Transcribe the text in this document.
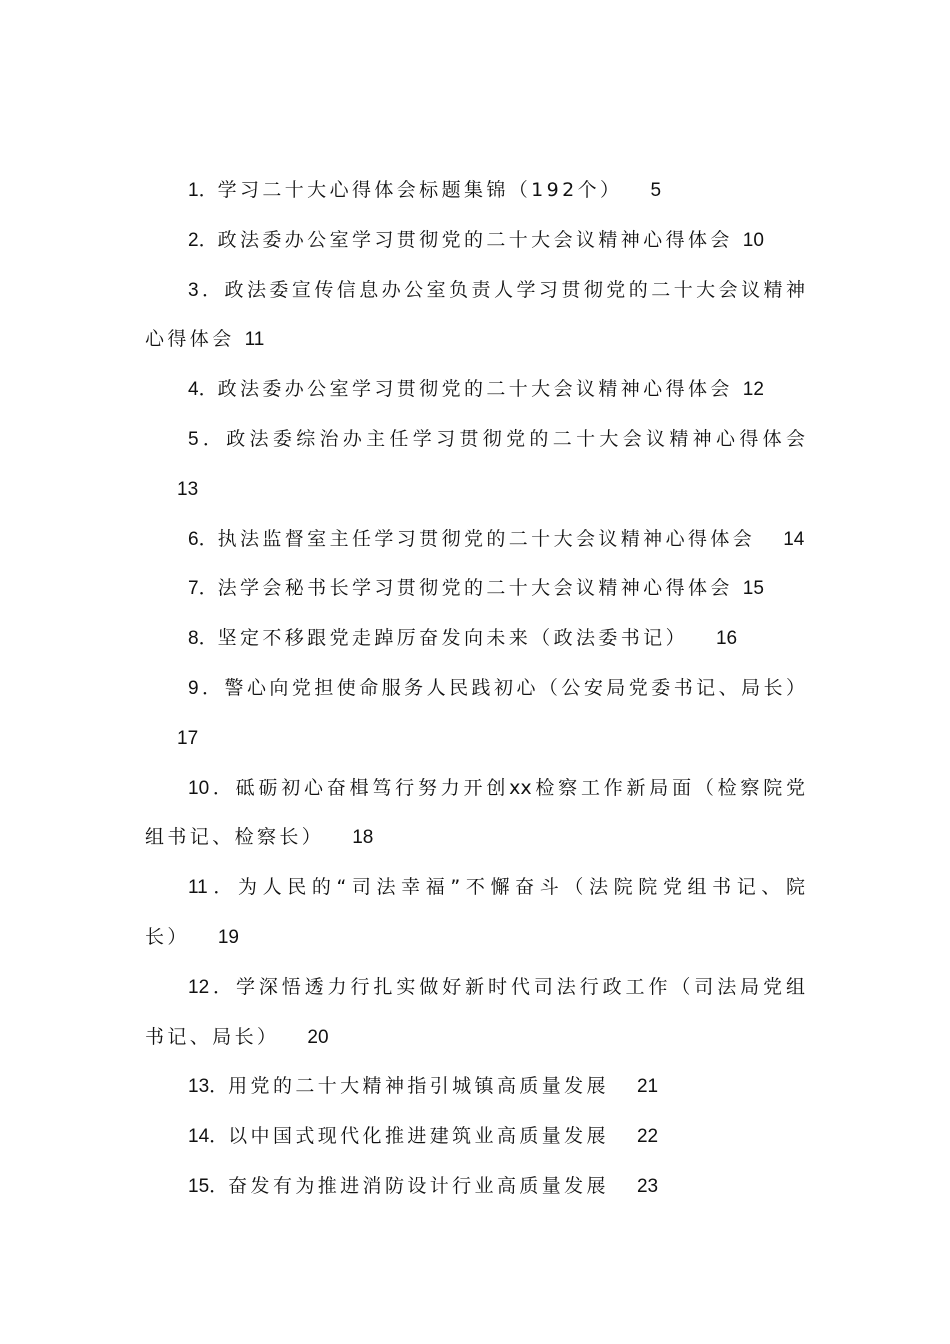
1．学习二十大心得体会标题集锦（192个） 5
2．政法委办公室学习贯彻党的二十大会议精神心得体会 10
3．政法委宣传信息办公室负责人学习贯彻党的二十大会议精神
心得体会 11
4．政法委办公室学习贯彻党的二十大会议精神心得体会 12
5．政法委综治办主任学习贯彻党的二十大会议精神心得体会
13
6．执法监督室主任学习贯彻党的二十大会议精神心得体会 14
7．法学会秘书长学习贯彻党的二十大会议精神心得体会 15
8．坚定不移跟党走踔厉奋发向未来（政法委书记） 16
9．警心向党担使命服务人民践初心（公安局党委书记、局长）
17
10．砥砺初心奋楫笃行努力开创xx检察工作新局面（检察院党
组书记、检察长） 18
11．为人民的“司法幸福”不懈奋斗（法院院党组书记、院
长） 19
12．学深悟透力行扎实做好新时代司法行政工作（司法局党组
书记、局长） 20
13．用党的二十大精神指引城镇高质量发展 21
14．以中国式现代化推进建筑业高质量发展 22
15．奋发有为推进消防设计行业高质量发展 23
